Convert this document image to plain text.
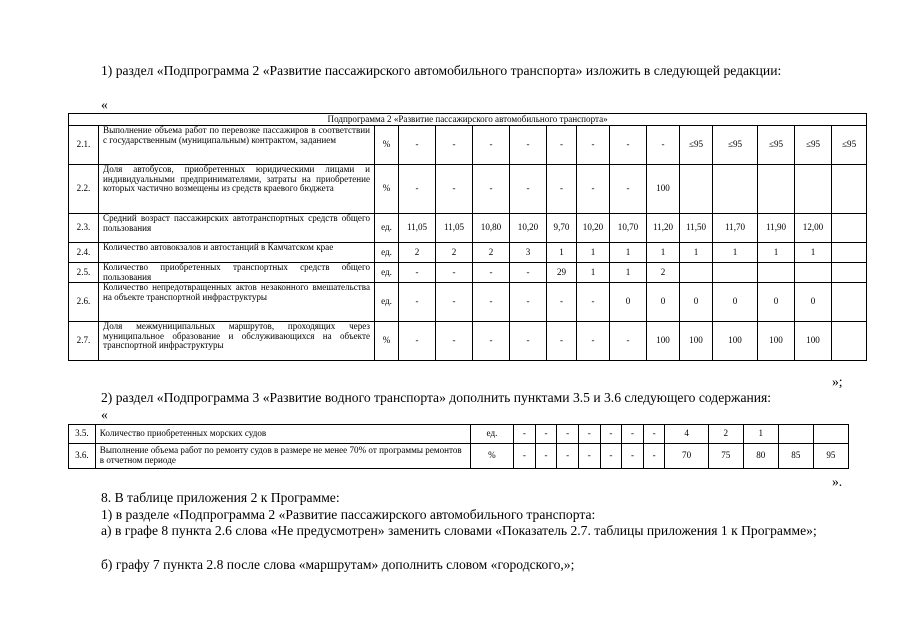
1) раздел «Подпрограмма 2 «Развитие пассажирского автомобильного транспорта» изложить в следующей редакции:
«
Подпрограмма 2 «Развитие пассажирского автомобильного транспорта»															
2.1.	Выполнение объема работ по перевозке пассажиров в соответствии с государственным (муниципальным) контрактом, заданием	%	-	-	-	-	-	-	-	-	≤95	≤95	≤95	≤95	≤95
2.2.	Доля автобусов, приобретенных юридическими лицами и индивидуальными предпринимателями, затраты на приобретение которых частично возмещены из средств краевого бюджета	%	-	-	-	-	-	-	-	100					
2.3.	Средний возраст пассажирских автотранспортных средств общего пользования	ед.	11,05	11,05	10,80	10,20	9,70	10,20	10,70	11,20	11,50	11,70	11,90	12,00	
2.4.	Количество автовокзалов и автостанций в Камчатском крае	ед.	2	2	2	3	1	1	1	1	1	1	1	1	
2.5.	Количество приобретенных транспортных средств общего пользования	ед.	-	-	-	-	29	1	1	2					
2.6.	Количество непредотвращенных актов незаконного вмешательства на объекте транспортной инфраструктуры	ед.	-	-	-	-	-	-	0	0	0	0	0	0	
2.7.	Доля межмуниципальных маршрутов, проходящих через муниципальное образование и обслуживающихся на объекте транспортной инфраструктуры	%	-	-	-	-	-	-	-	100	100	100	100	100	
»;
2) раздел «Подпрограмма 3 «Развитие водного транспорта» дополнить пунктами 3.5 и 3.6 следующего содержания:
«
3.5.	Количество приобретенных морских судов	ед.	-	-	-	-	-	-	-	4	2	1		
3.6.	Выполнение объема работ по ремонту судов в размере не менее 70% от программы ремонтов в отчетном периоде	%	-	-	-	-	-	-	-	70	75	80	85	95
».
8. В таблице приложения 2 к Программе:
1) в разделе «Подпрограмма 2 «Развитие пассажирского автомобильного транспорта:
а) в графе 8 пункта 2.6 слова «Не предусмотрен» заменить словами «Показатель 2.7. таблицы приложения 1 к Программе»;
б) графу 7 пункта 2.8 после слова «маршрутам» дополнить словом «городского,»;
